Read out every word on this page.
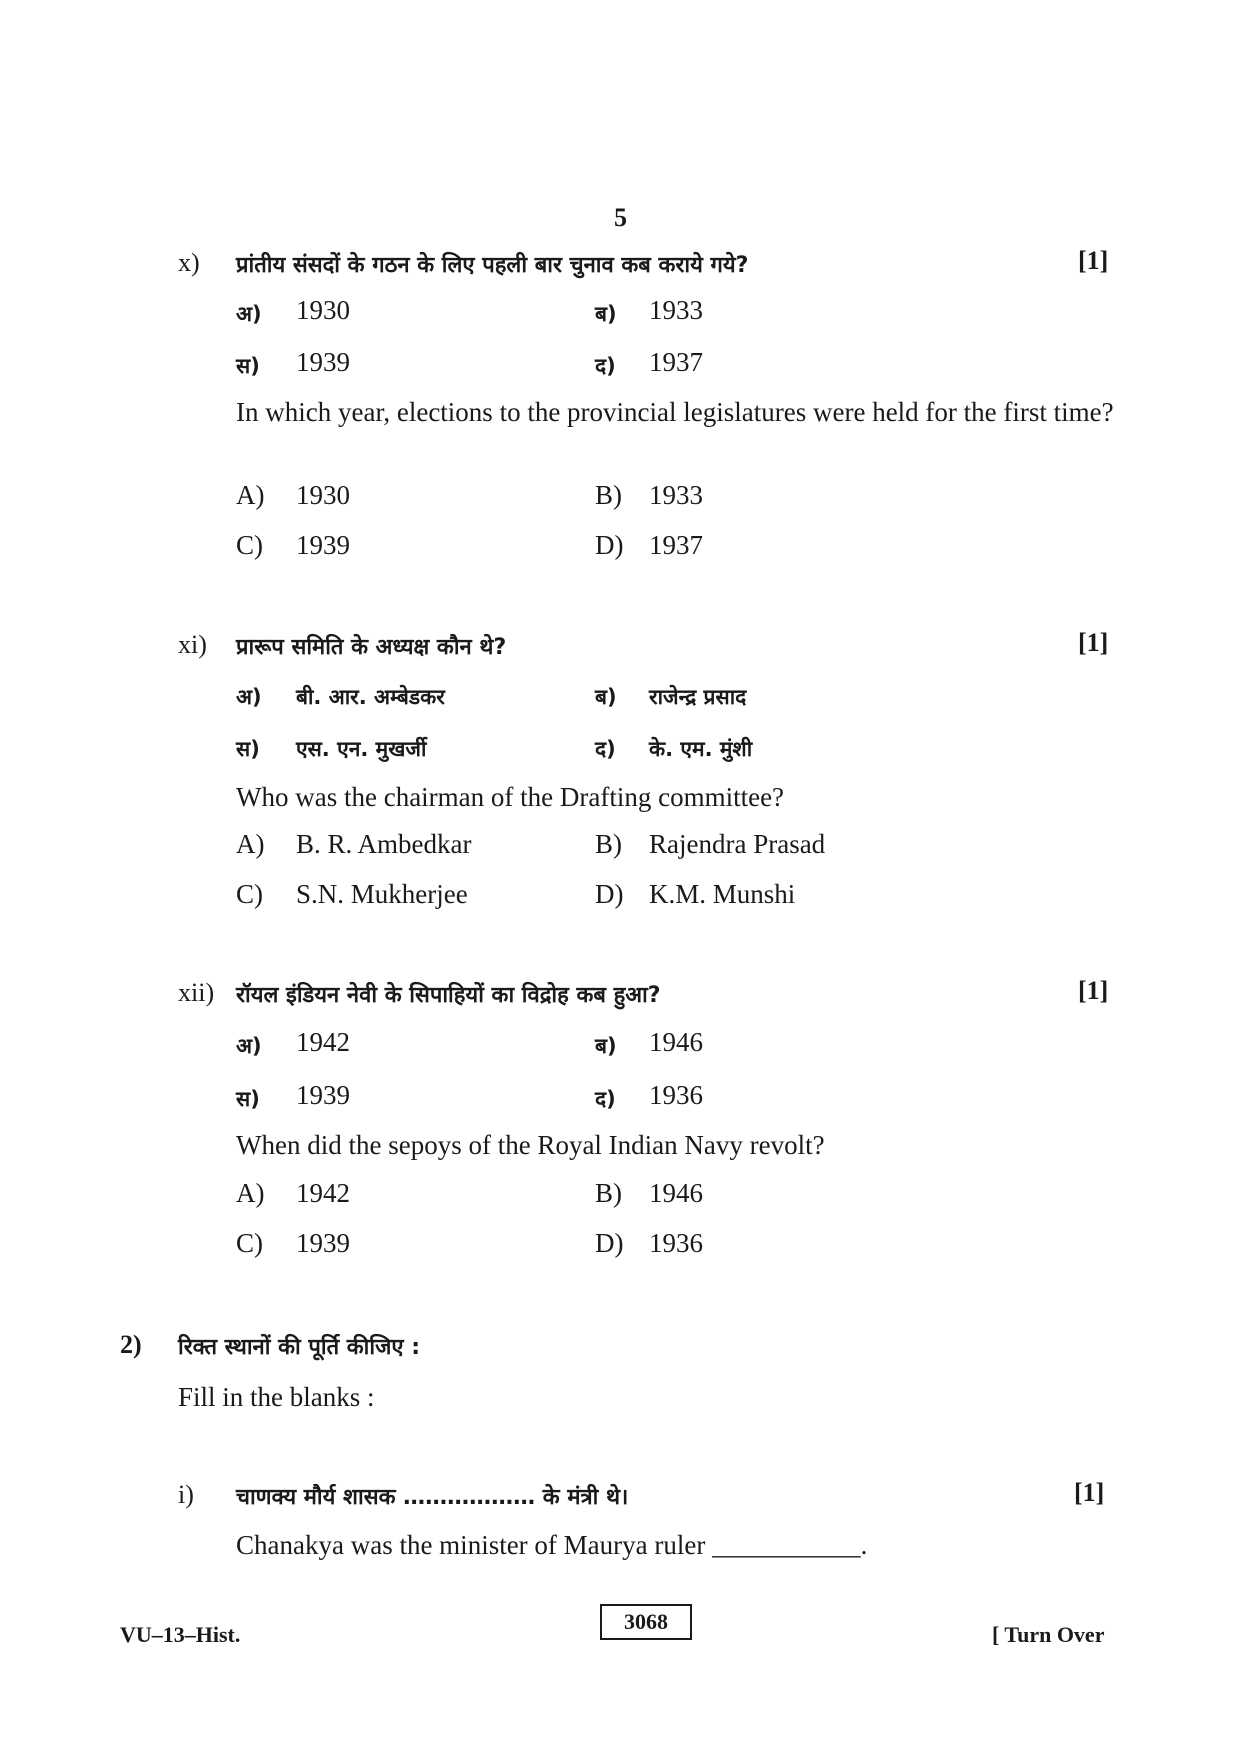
5
x) प्रांतीय संसदों के गठन के लिए पहली बार चुनाव कब कराये गये?	[1]
अ) 1930	ब) 1933
स) 1939	द) 1937
In which year, elections to the provincial legislatures were held for the first time?
A) 1930	B) 1933
C) 1939	D) 1937
xi) प्रारूप समिति के अध्यक्ष कौन थे?	[1]
अ) बी. आर. अम्बेडकर	ब) राजेन्द्र प्रसाद
स) एस. एन. मुखर्जी	द) के. एम. मुंशी
Who was the chairman of the Drafting committee?
A) B. R. Ambedkar	B) Rajendra Prasad
C) S.N. Mukherjee	D) K.M. Munshi
xii) रॉयल इंडियन नेवी के सिपाहियों का विद्रोह कब हुआ?	[1]
अ) 1942	ब) 1946
स) 1939	द) 1936
When did the sepoys of the Royal Indian Navy revolt?
A) 1942	B) 1946
C) 1939	D) 1936
2) रिक्त स्थानों की पूर्ति कीजिए :
Fill in the blanks :
i) चाणक्य मौर्य शासक ……………… के मंत्री थे।	[1]
Chanakya was the minister of Maurya ruler ___________.
VU–13–Hist.
3068
[ Turn Over
